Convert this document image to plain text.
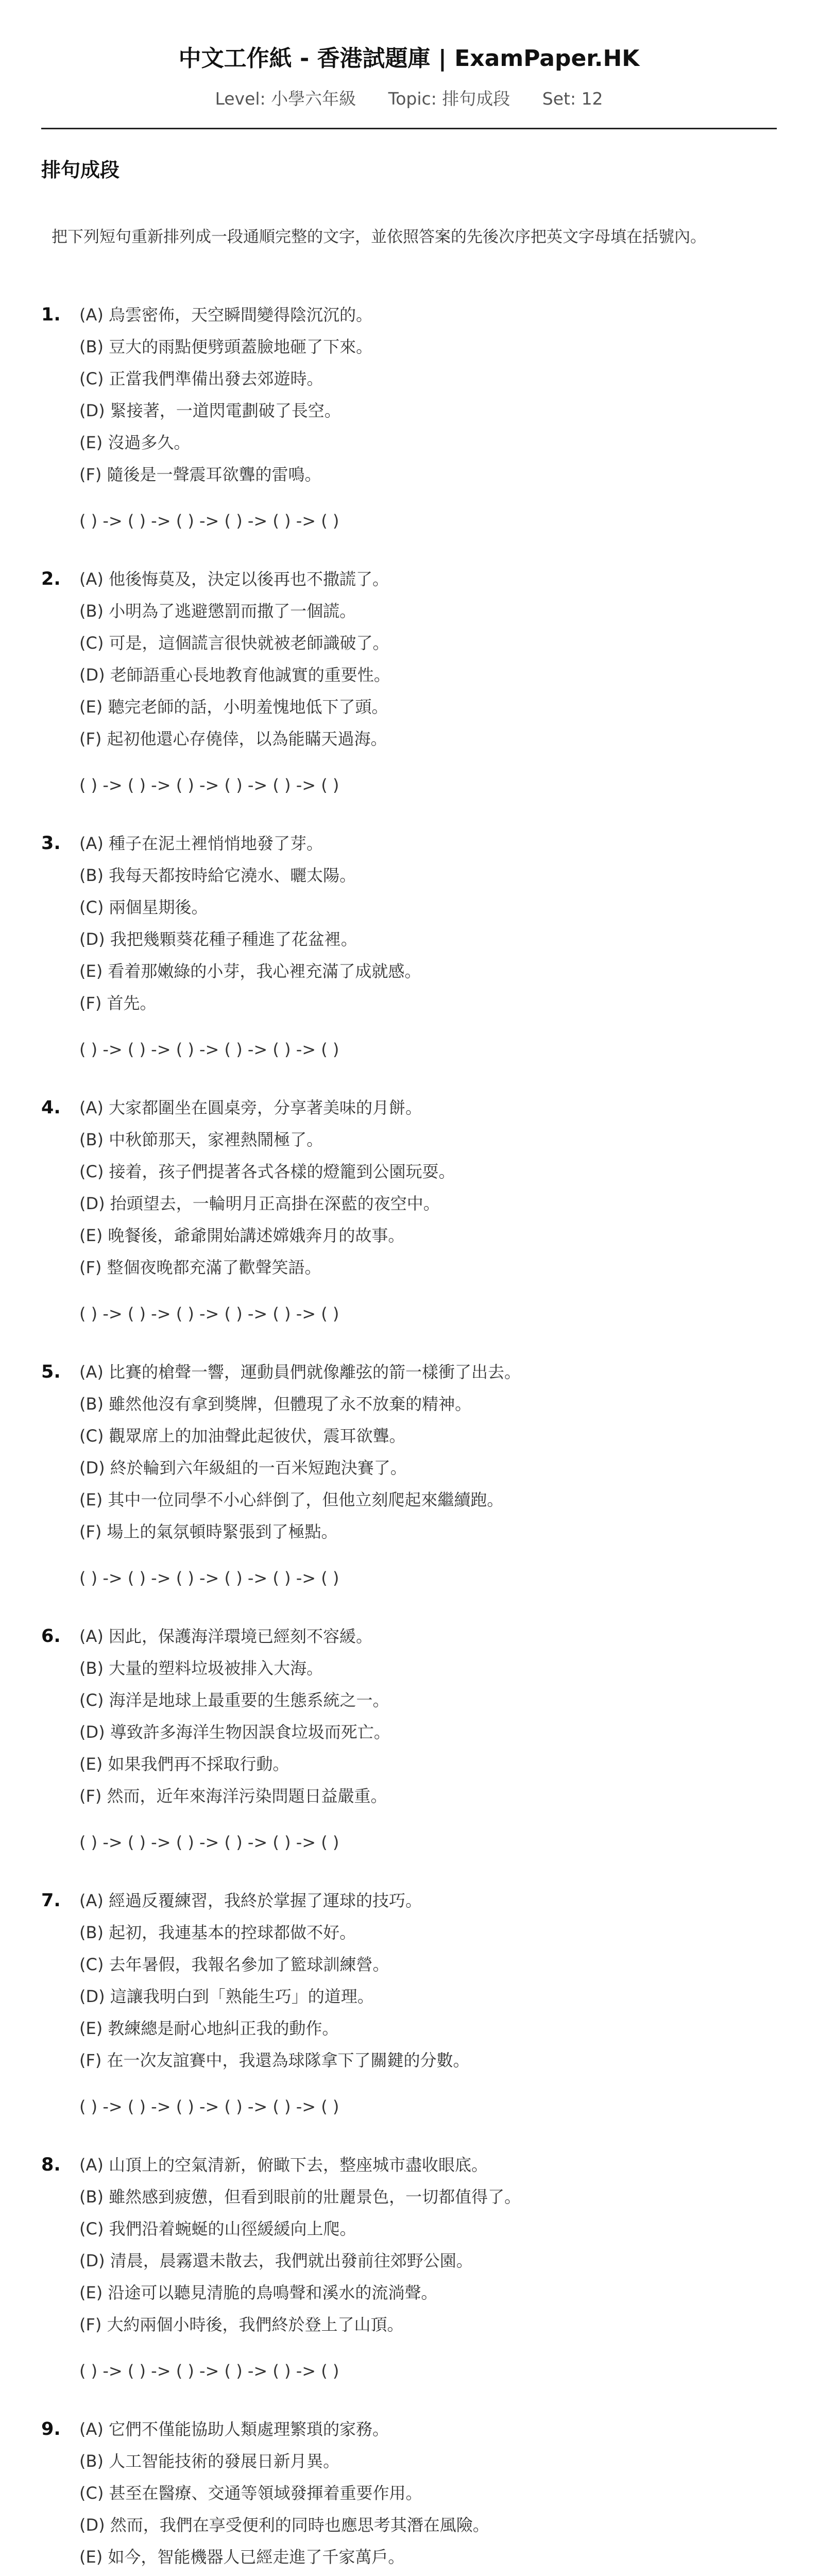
中文工作紙 - 香港試題庫 | ExamPaper.HK
Level: 小學六年級 Topic: 排句成段 Set: 12
排句成段
把下列短句重新排列成一段通順完整的文字，並依照答案的先後次序把英文字母填在括號內。
1. (A) 烏雲密佈，天空瞬間變得陰沉沉的。
(B) 豆大的雨點便劈頭蓋臉地砸了下來。
(C) 正當我們準備出發去郊遊時。
(D) 緊接著，一道閃電劃破了長空。
(E) 沒過多久。
(F) 隨後是一聲震耳欲聾的雷鳴。
( ) -> ( ) -> ( ) -> ( ) -> ( ) -> ( )
2. (A) 他後悔莫及，決定以後再也不撒謊了。
(B) 小明為了逃避懲罰而撒了一個謊。
(C) 可是，這個謊言很快就被老師識破了。
(D) 老師語重心長地教育他誠實的重要性。
(E) 聽完老師的話，小明羞愧地低下了頭。
(F) 起初他還心存僥倖，以為能瞞天過海。
( ) -> ( ) -> ( ) -> ( ) -> ( ) -> ( )
3. (A) 種子在泥土裡悄悄地發了芽。
(B) 我每天都按時給它澆水、曬太陽。
(C) 兩個星期後。
(D) 我把幾顆葵花種子種進了花盆裡。
(E) 看着那嫩綠的小芽，我心裡充滿了成就感。
(F) 首先。
( ) -> ( ) -> ( ) -> ( ) -> ( ) -> ( )
4. (A) 大家都圍坐在圓桌旁，分享著美味的月餅。
(B) 中秋節那天，家裡熱鬧極了。
(C) 接着，孩子們提著各式各樣的燈籠到公園玩耍。
(D) 抬頭望去，一輪明月正高掛在深藍的夜空中。
(E) 晚餐後，爺爺開始講述嫦娥奔月的故事。
(F) 整個夜晚都充滿了歡聲笑語。
( ) -> ( ) -> ( ) -> ( ) -> ( ) -> ( )
5. (A) 比賽的槍聲一響，運動員們就像離弦的箭一樣衝了出去。
(B) 雖然他沒有拿到獎牌，但體現了永不放棄的精神。
(C) 觀眾席上的加油聲此起彼伏，震耳欲聾。
(D) 終於輪到六年級組的一百米短跑決賽了。
(E) 其中一位同學不小心絆倒了，但他立刻爬起來繼續跑。
(F) 場上的氣氛頓時緊張到了極點。
( ) -> ( ) -> ( ) -> ( ) -> ( ) -> ( )
6. (A) 因此，保護海洋環境已經刻不容緩。
(B) 大量的塑料垃圾被排入大海。
(C) 海洋是地球上最重要的生態系統之一。
(D) 導致許多海洋生物因誤食垃圾而死亡。
(E) 如果我們再不採取行動。
(F) 然而，近年來海洋污染問題日益嚴重。
( ) -> ( ) -> ( ) -> ( ) -> ( ) -> ( )
7. (A) 經過反覆練習，我終於掌握了運球的技巧。
(B) 起初，我連基本的控球都做不好。
(C) 去年暑假，我報名參加了籃球訓練營。
(D) 這讓我明白到「熟能生巧」的道理。
(E) 教練總是耐心地糾正我的動作。
(F) 在一次友誼賽中，我還為球隊拿下了關鍵的分數。
( ) -> ( ) -> ( ) -> ( ) -> ( ) -> ( )
8. (A) 山頂上的空氣清新，俯瞰下去，整座城市盡收眼底。
(B) 雖然感到疲憊，但看到眼前的壯麗景色，一切都值得了。
(C) 我們沿着蜿蜒的山徑緩緩向上爬。
(D) 清晨，晨霧還未散去，我們就出發前往郊野公園。
(E) 沿途可以聽見清脆的鳥鳴聲和溪水的流淌聲。
(F) 大約兩個小時後，我們終於登上了山頂。
( ) -> ( ) -> ( ) -> ( ) -> ( ) -> ( )
9. (A) 它們不僅能協助人類處理繁瑣的家務。
(B) 人工智能技術的發展日新月異。
(C) 甚至在醫療、交通等領域發揮着重要作用。
(D) 然而，我們在享受便利的同時也應思考其潛在風險。
(E) 如今，智能機器人已經走進了千家萬戶。
